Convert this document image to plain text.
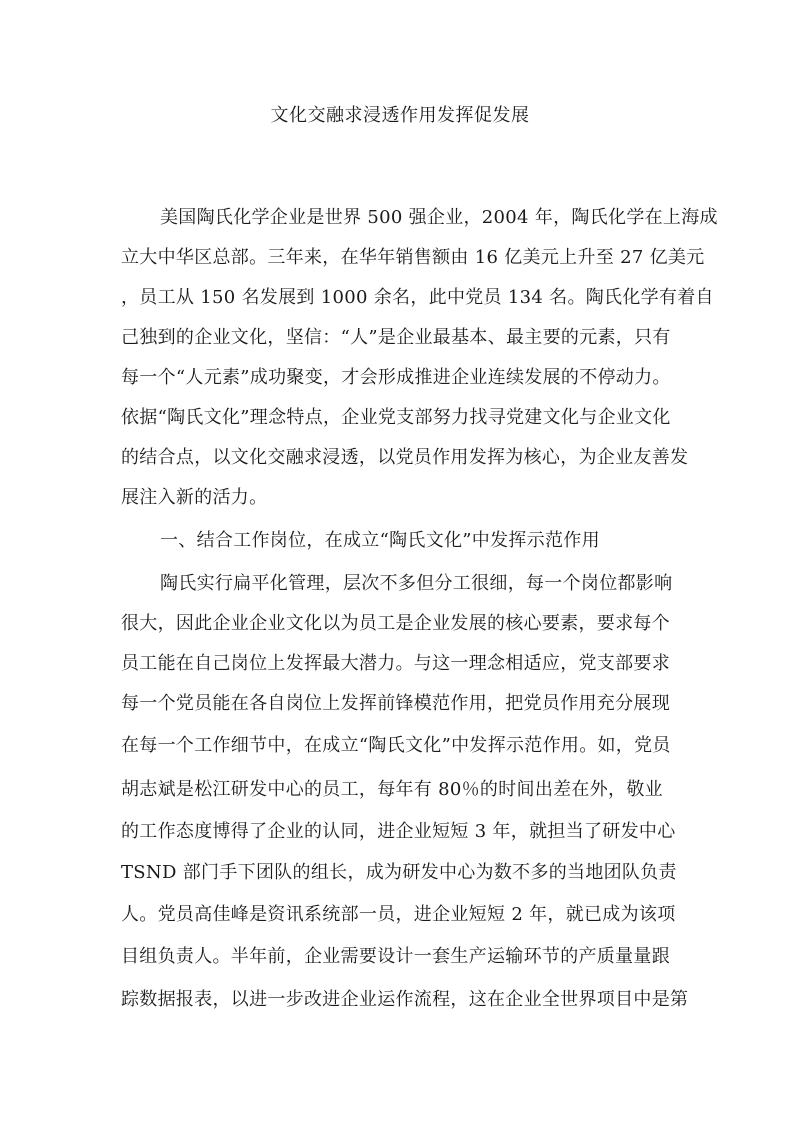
文化交融求浸透作用发挥促发展
美国陶氏化学企业是世界 500 强企业，2004 年，陶氏化学在上海成
立大中华区总部。三年来，在华年销售额由 16 亿美元上升至 27 亿美元
，员工从 150 名发展到 1000 余名，此中党员 134 名。陶氏化学有着自
己独到的企业文化，坚信：“人”是企业最基本、最主要的元素，只有
每一个“人元素”成功聚变，才会形成推进企业连续发展的不停动力。
依据“陶氏文化”理念特点，企业党支部努力找寻党建文化与企业文化
的结合点，以文化交融求浸透，以党员作用发挥为核心，为企业友善发
展注入新的活力。
一、结合工作岗位，在成立“陶氏文化”中发挥示范作用
陶氏实行扁平化管理，层次不多但分工很细，每一个岗位都影响
很大，因此企业企业文化以为员工是企业发展的核心要素，要求每个
员工能在自己岗位上发挥最大潜力。与这一理念相适应，党支部要求
每一个党员能在各自岗位上发挥前锋模范作用，把党员作用充分展现
在每一个工作细节中，在成立“陶氏文化”中发挥示范作用。如，党员
胡志斌是松江研发中心的员工，每年有 80％的时间出差在外，敬业
的工作态度博得了企业的认同，进企业短短 3 年，就担当了研发中心
TSND 部门手下团队的组长，成为研发中心为数不多的当地团队负责
人。党员高佳峰是资讯系统部一员，进企业短短 2 年，就已成为该项
目组负责人。半年前，企业需要设计一套生产运输环节的产质量量跟
踪数据报表，以进一步改进企业运作流程，这在企业全世界项目中是第
